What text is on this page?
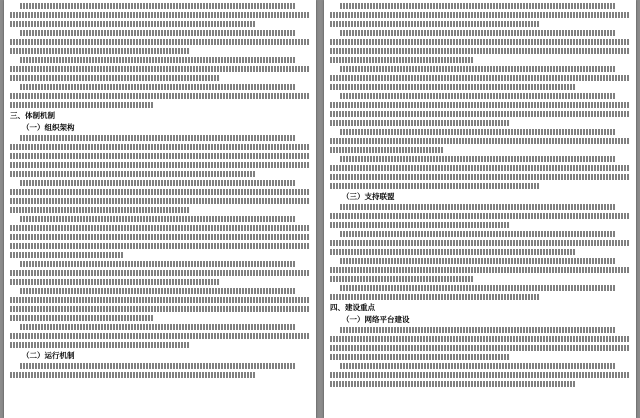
三、体制机制
（一）组织架构
（二）运行机制
（三）支持联盟
四、建设重点
（一）网络平台建设
